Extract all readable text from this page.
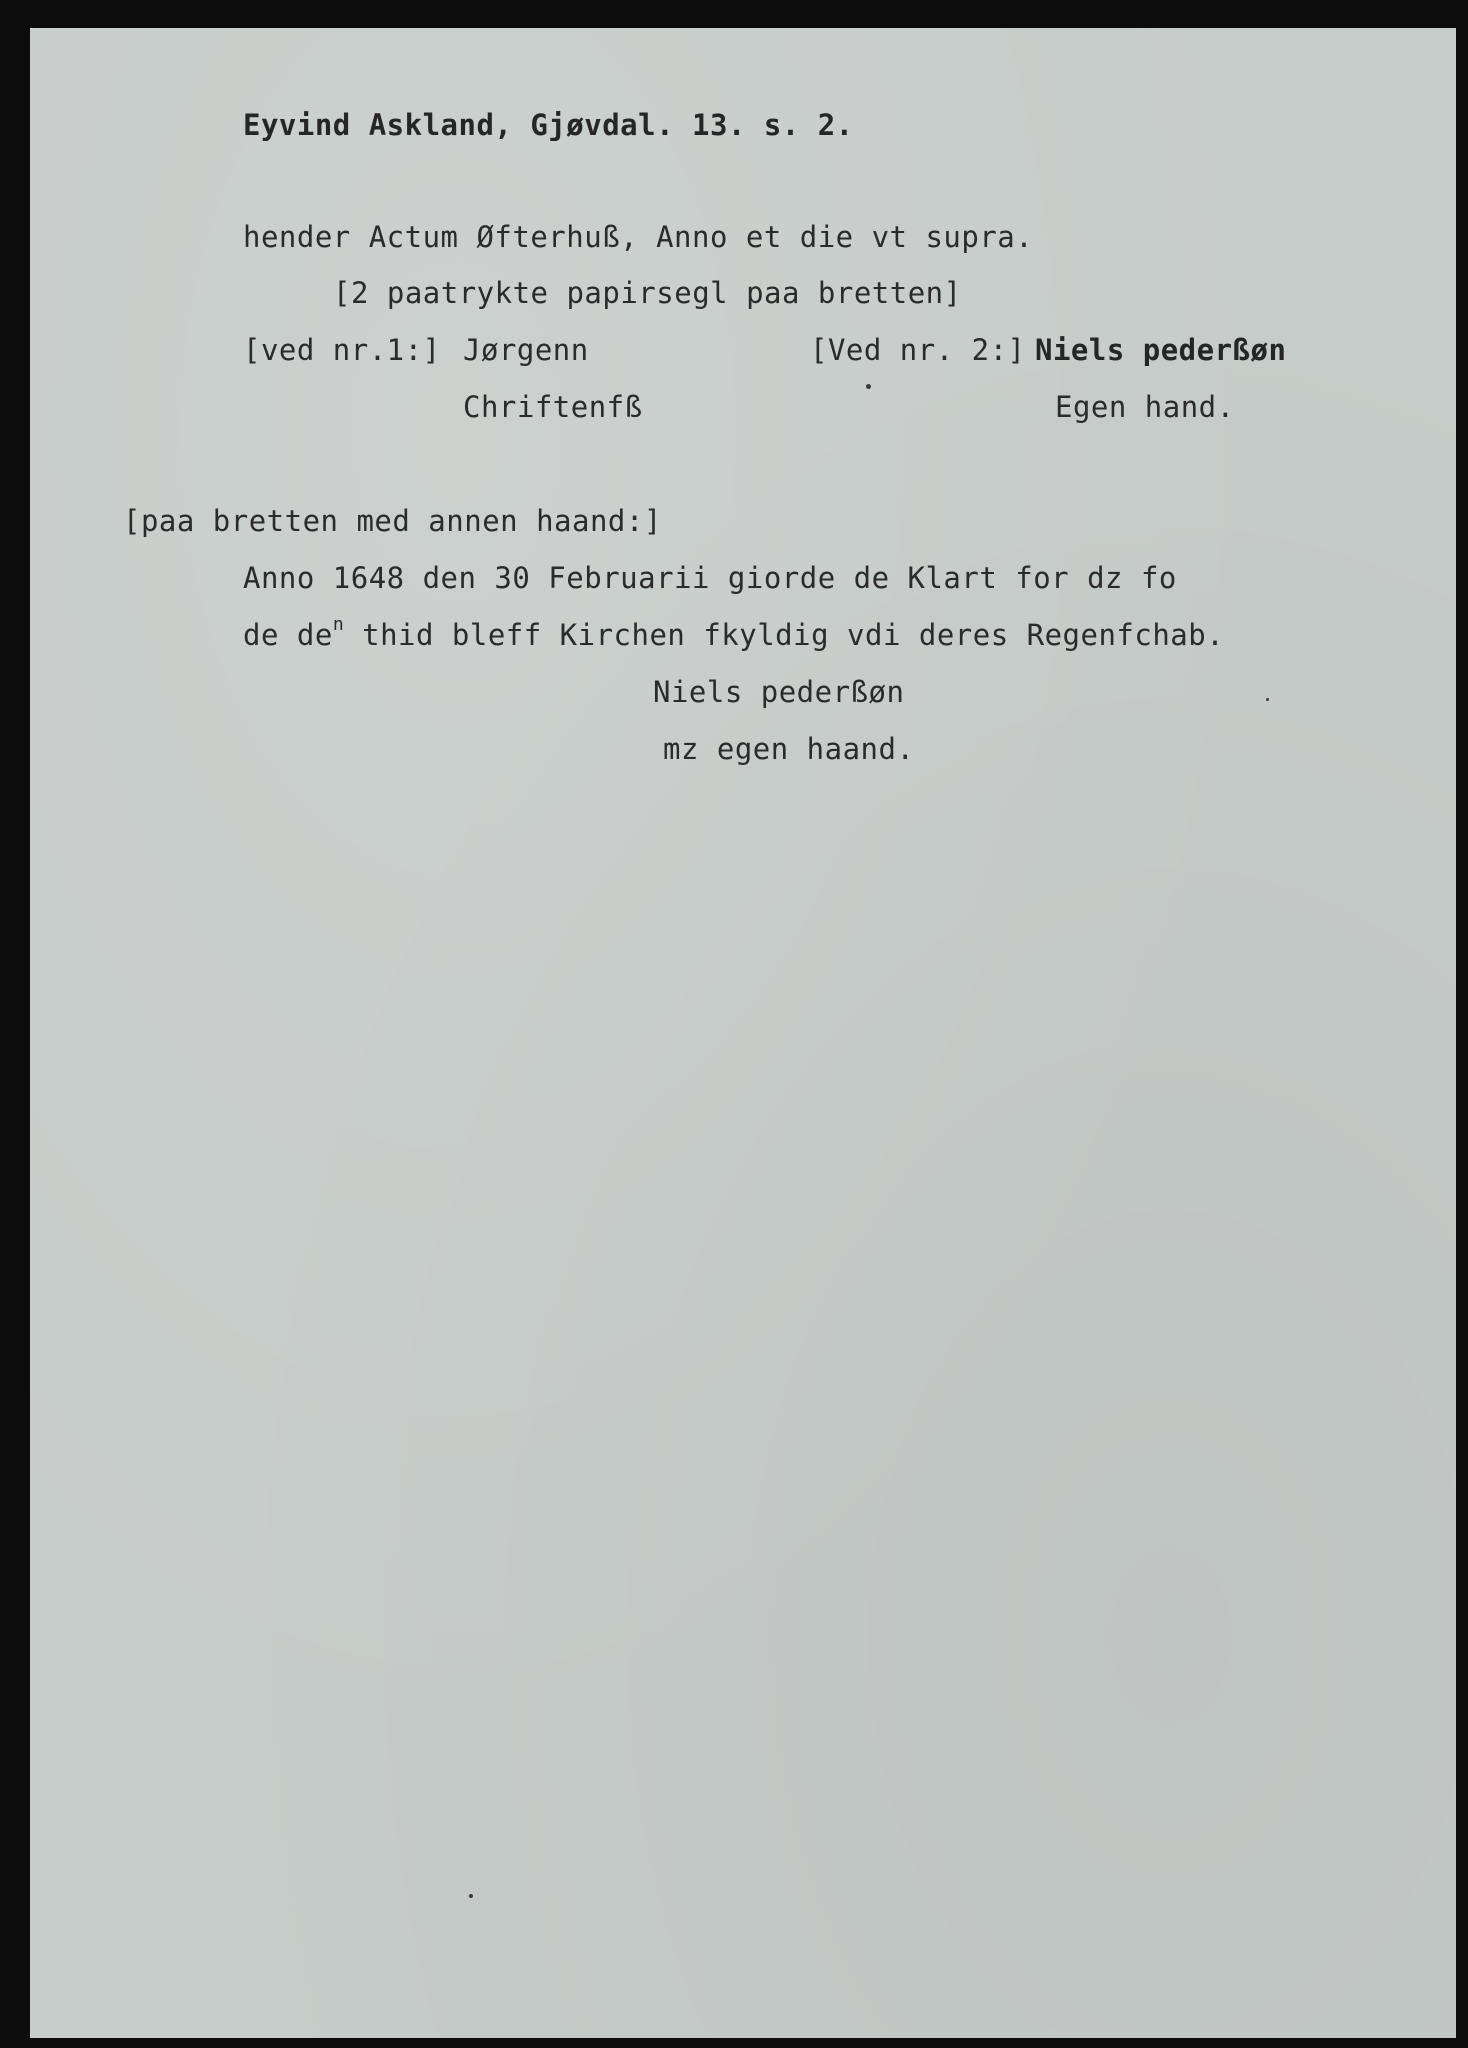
Eyvind Askland, Gjøvdal. 13. s. 2.
hender Actum Øfterhuß, Anno et die vt supra.
[2 paatrykte papirsegl paa bretten]
[ved nr.1:] Jørgenn
Chriftenfß
[Ved nr. 2:] Niels pederßøn
Egen hand.
[paa bretten med annen haand:]
Anno 1648 den 30 Februarii giorde de Klart for dz fo
de $de^n$ thid bleff Kirchen fkyldig vdi deres Regenfchab.
Niels pederßøn
mz egen haand.
